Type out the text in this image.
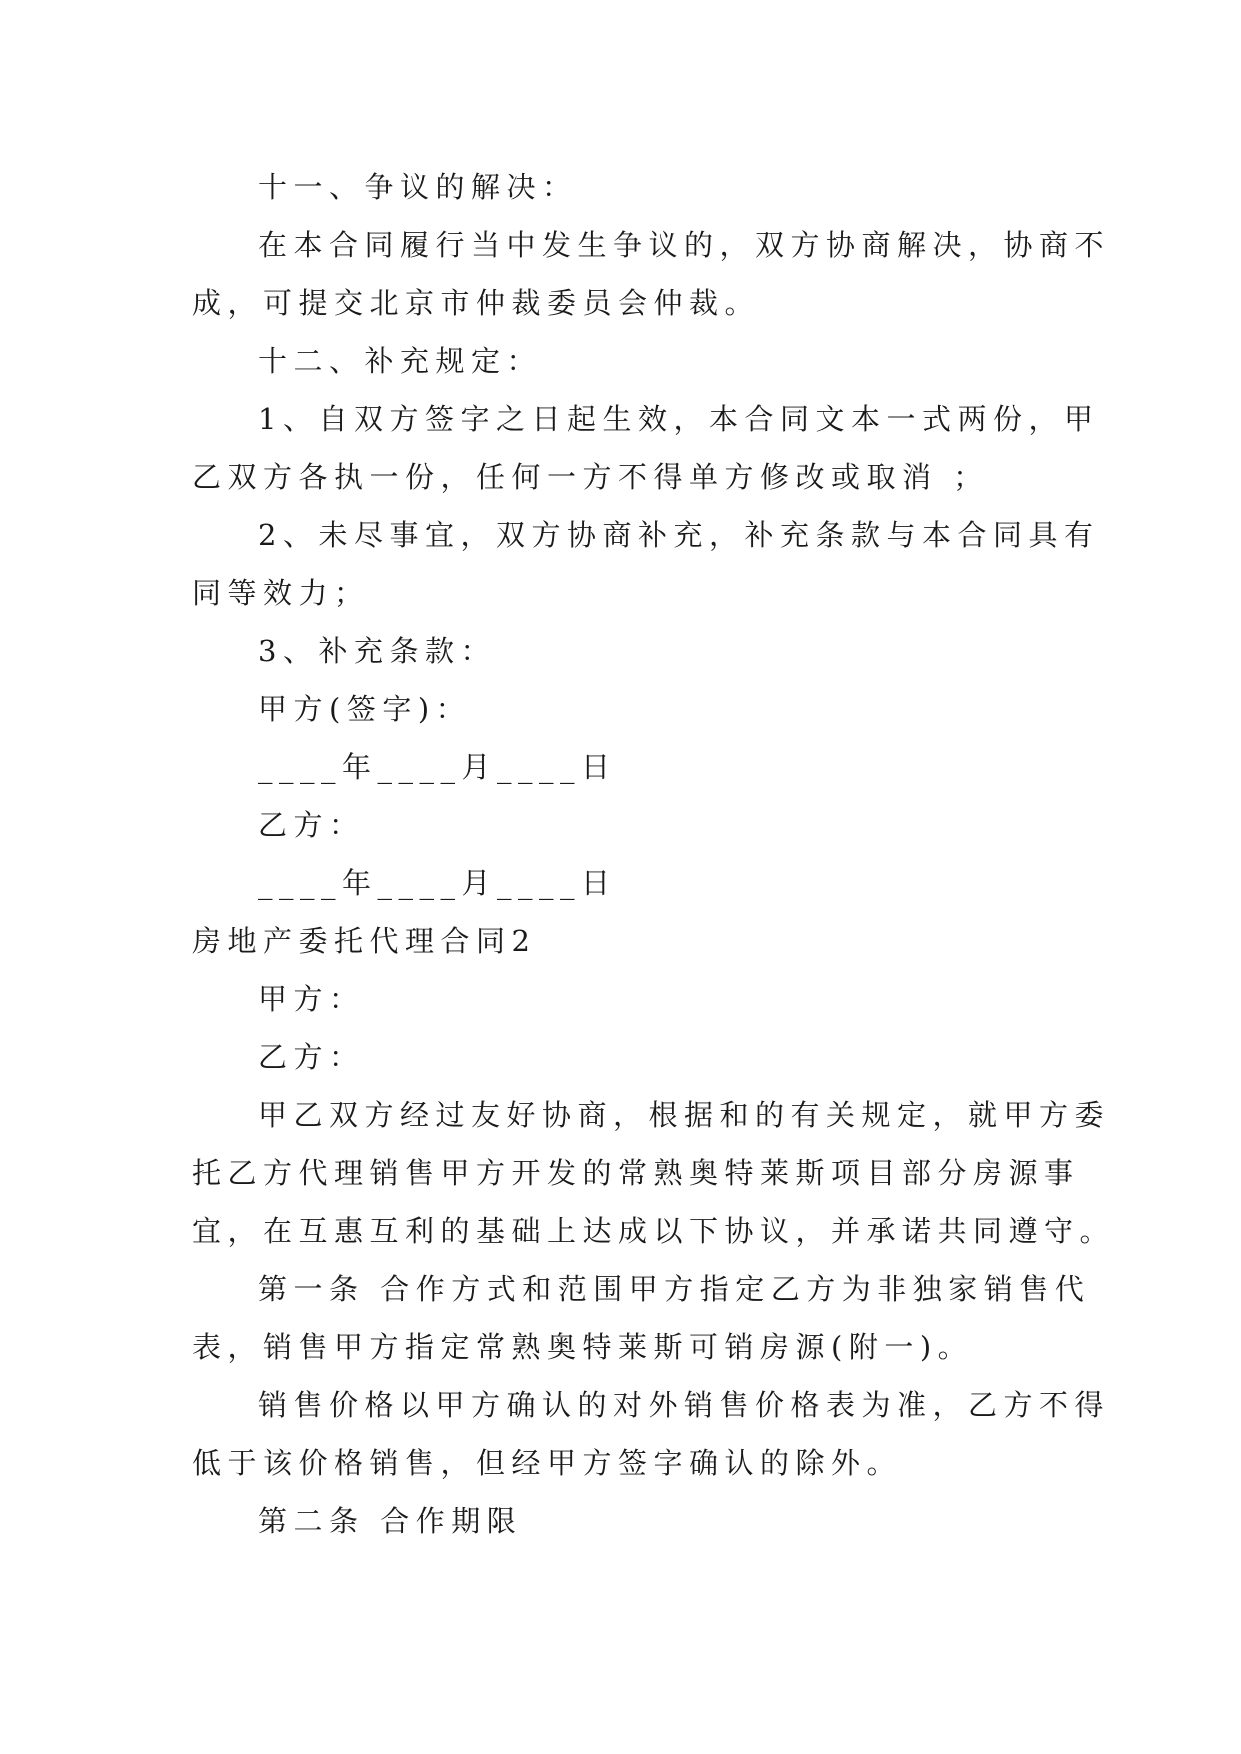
十一、争议的解决：
在本合同履行当中发生争议的，双方协商解决，协商不
成，可提交北京市仲裁委员会仲裁。
十二、补充规定：
1、自双方签字之日起生效，本合同文本一式两份，甲
乙双方各执一份，任何一方不得单方修改或取消 ；
2、未尽事宜，双方协商补充，补充条款与本合同具有
同等效力；
3、补充条款：
甲方(签字)：
____年____月____日
乙方：
____年____月____日
房地产委托代理合同2
甲方：
乙方：
甲乙双方经过友好协商，根据和的有关规定，就甲方委
托乙方代理销售甲方开发的常熟奥特莱斯项目部分房源事
宜，在互惠互利的基础上达成以下协议，并承诺共同遵守。
第一条 合作方式和范围甲方指定乙方为非独家销售代
表，销售甲方指定常熟奥特莱斯可销房源(附一)。
销售价格以甲方确认的对外销售价格表为准，乙方不得
低于该价格销售，但经甲方签字确认的除外。
第二条 合作期限
